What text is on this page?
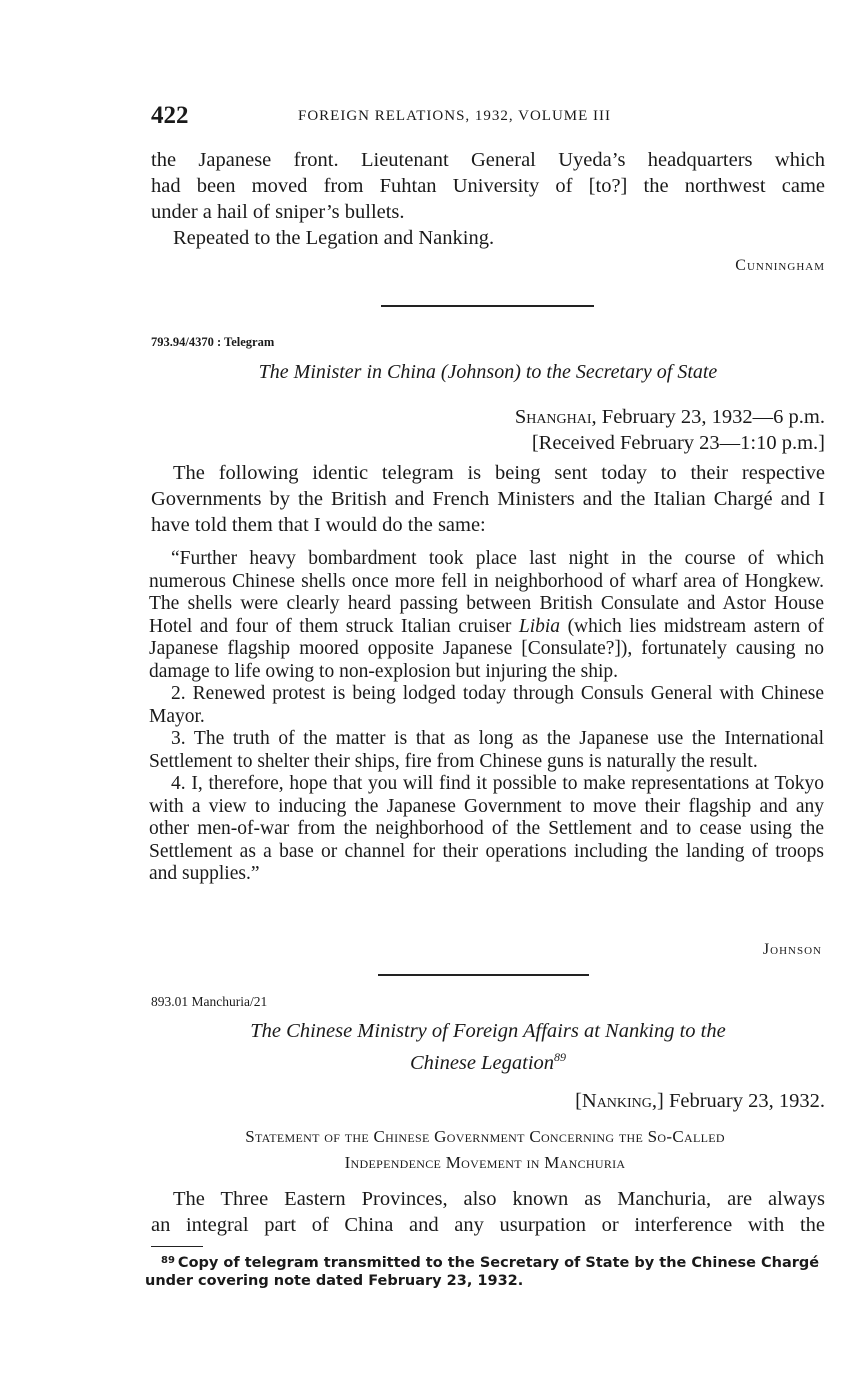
422	FOREIGN RELATIONS, 1932, VOLUME III
the Japanese front. Lieutenant General Uyeda’s headquarters which
had been moved from Fuhtan University of [to?] the northwest came
under a hail of sniper’s bullets.
Repeated to the Legation and Nanking.
Cunningham
793.94/4370 : Telegram
The Minister in China (Johnson) to the Secretary of State
Shanghai, February 23, 1932—6 p.m.
[Received February 23—1:10 p.m.]
The following identic telegram is being sent today to their respective Governments by the British and French Ministers and the Italian Chargé and I have told them that I would do the same:

“Further heavy bombardment took place last night in the course of which numerous Chinese shells once more fell in neighborhood of wharf area of Hongkew. The shells were clearly heard passing between British Consulate and Astor House Hotel and four of them struck Italian cruiser Libia (which lies midstream astern of Japanese flagship moored opposite Japanese [Consulate?]), fortunately causing no damage to life owing to non-explosion but injuring the ship.

2. Renewed protest is being lodged today through Consuls General with Chinese Mayor.

3. The truth of the matter is that as long as the Japanese use the International Settlement to shelter their ships, fire from Chinese guns is naturally the result.

4. I, therefore, hope that you will find it possible to make representations at Tokyo with a view to inducing the Japanese Government to move their flagship and any other men-of-war from the neighborhood of the Settlement and to cease using the Settlement as a base or channel for their operations including the landing of troops and supplies.”

Johnson
893.01 Manchuria/21
The Chinese Ministry of Foreign Affairs at Nanking to the
Chinese Legation$^{89}$
[Nanking,] February 23, 1932.
Statement of the Chinese Government Concerning the So-Called
Independence Movement in Manchuria
The Three Eastern Provinces, also known as Manchuria, are always
an integral part of China and any usurpation or interference with the
$^{89}$ Copy of telegram transmitted to the Secretary of State by the Chinese Chargé
under covering note dated February 23, 1932.
